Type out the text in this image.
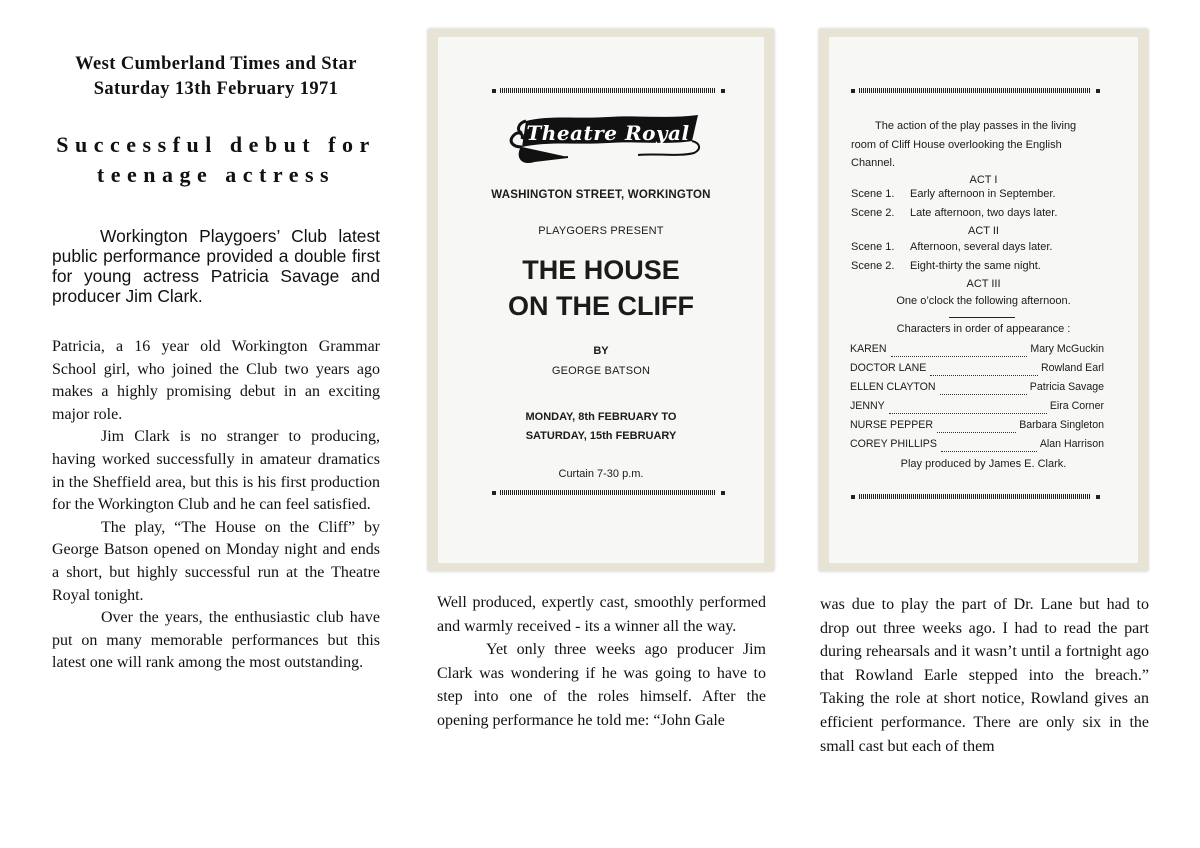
West Cumberland Times and Star
Saturday 13th February 1971
Successful debut for
teenage actress
Workington Playgoers’ Club latest public performance provided a double first for young actress Patricia Savage and producer Jim Clark.

Patricia, a 16 year old Workington Grammar School girl, who joined the Club two years ago makes a highly promising debut in an exciting major role.

Jim Clark is no stranger to producing, having worked successfully in amateur dramatics in the Sheffield area, but this is his first production for the Workington Club and he can feel satisfied.

The play, “The House on the Cliff” by George Batson opened on Monday night and ends a short, but highly successful run at the Theatre Royal tonight.

Over the years, the enthusiastic club have put on many memorable performances but this latest one will rank among the most outstanding.

Theatre Royal
WASHINGTON STREET, WORKINGTON
PLAYGOERS PRESENT
THE HOUSE
ON THE CLIFF
BY
GEORGE BATSON
MONDAY, 8th FEBRUARY TO
SATURDAY, 15th FEBRUARY
Curtain 7-30 p.m.
The action of the play passes in the living
room of Cliff House overlooking the English
Channel.
ACT I
Scene 1. Early afternoon in September.
Scene 2. Late afternoon, two days later.
ACT II
Scene 1. Afternoon, several days later.
Scene 2. Eight-thirty the same night.
ACT III
One o’clock the following afternoon.
Characters in order of appearance :
KAREN	Mary McGuckin
DOCTOR LANE	Rowland Earl
ELLEN CLAYTON	Patricia Savage
JENNY	Eira Corner
NURSE PEPPER	Barbara Singleton
COREY PHILLIPS	Alan Harrison
Play produced by James E. Clark.

Well produced, expertly cast, smoothly performed and warmly received - its a winner all the way.

Yet only three weeks ago producer Jim Clark was wondering if he was going to have to step into one of the roles himself. After the opening performance he told me: “John Gale

was due to play the part of Dr. Lane but had to drop out three weeks ago. I had to read the part during rehearsals and it wasn’t until a fortnight ago that Rowland Earle stepped into the breach.” Taking the role at short notice, Rowland gives an efficient performance. There are only six in the small cast but each of them
